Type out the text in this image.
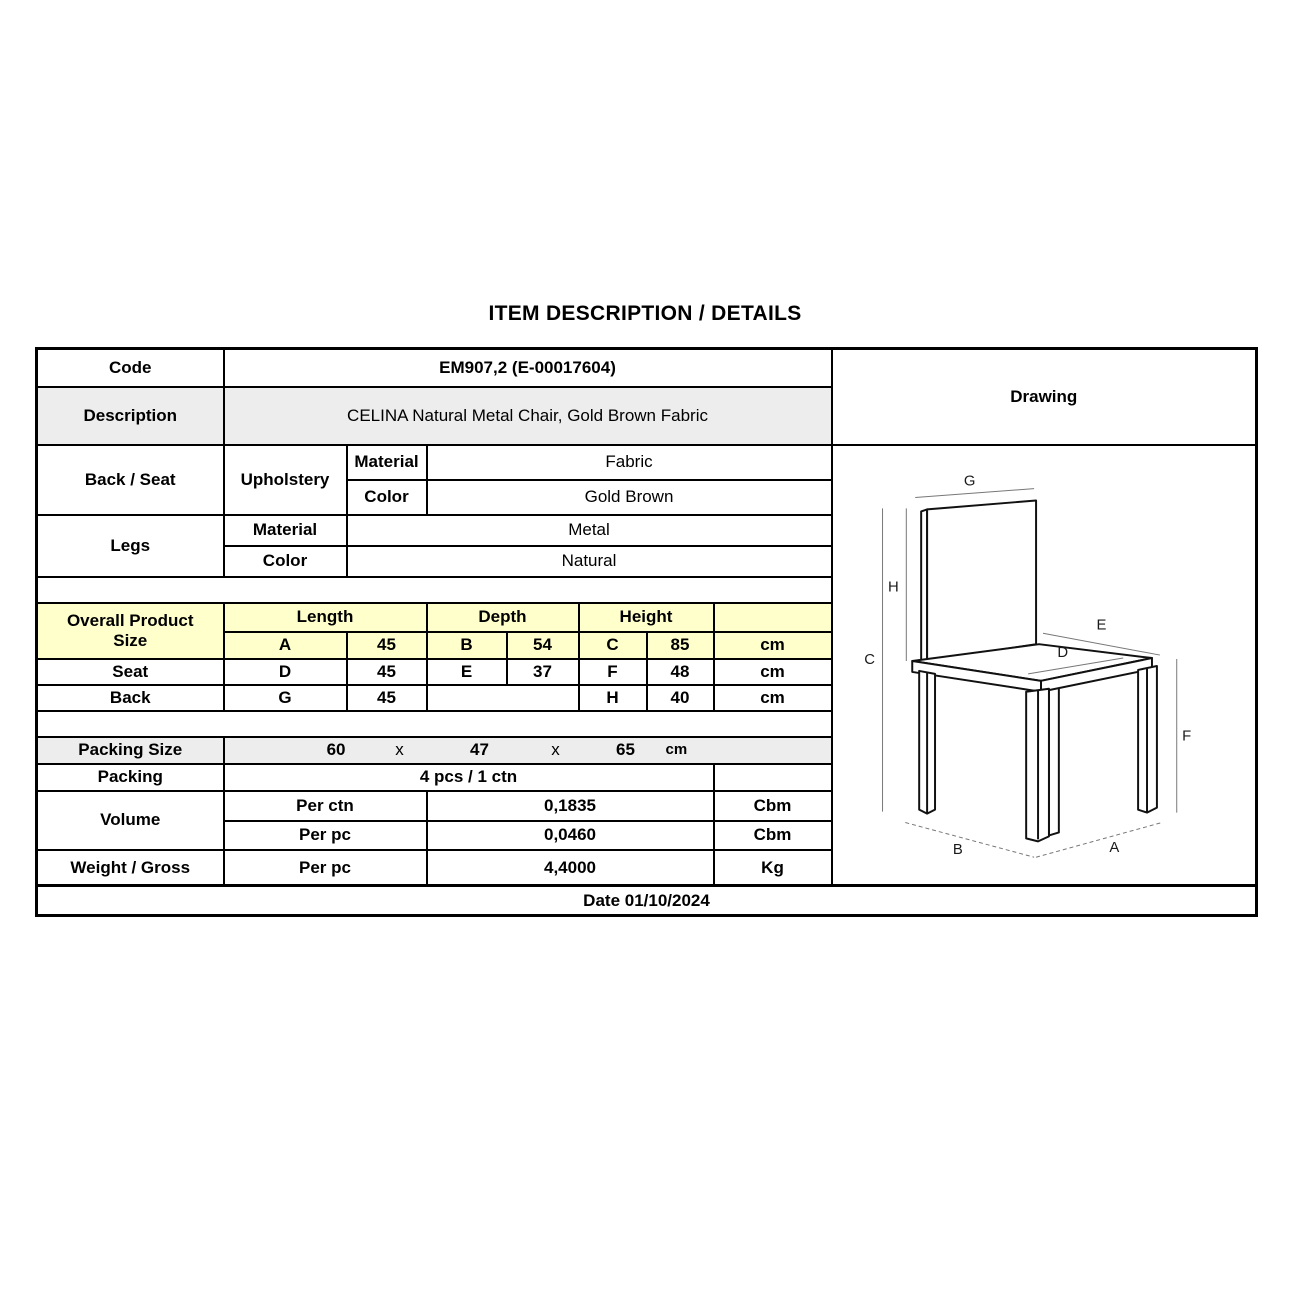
ITEM DESCRIPTION / DETAILS
Code	EM907,2 (E-00017604)							Drawing
Description	CELINA Natural Metal Chair, Gold Brown Fabric							
Back / Seat	Upholstery	Material	Fabric	
G
H
C
E
D
F
B	A

		Color	Gold Brown					
Legs	Material	Metal						
	Color	Natural						

Overall Product
Size	Length		Depth		Height			
	A	45	B	54	C	85	cm	
Seat	D	45	E	37	F	48	cm	
Back	G	45			H	40	cm	

Packing Size	60	x	47	x	65	cm

Packing	4 pcs / 1 ctn							
Volume	Per ctn		0,1835				Cbm	
	Per pc		0,0460				Cbm	
Weight / Gross	Per pc		4,4000				Kg	
Date 01/10/2024								
